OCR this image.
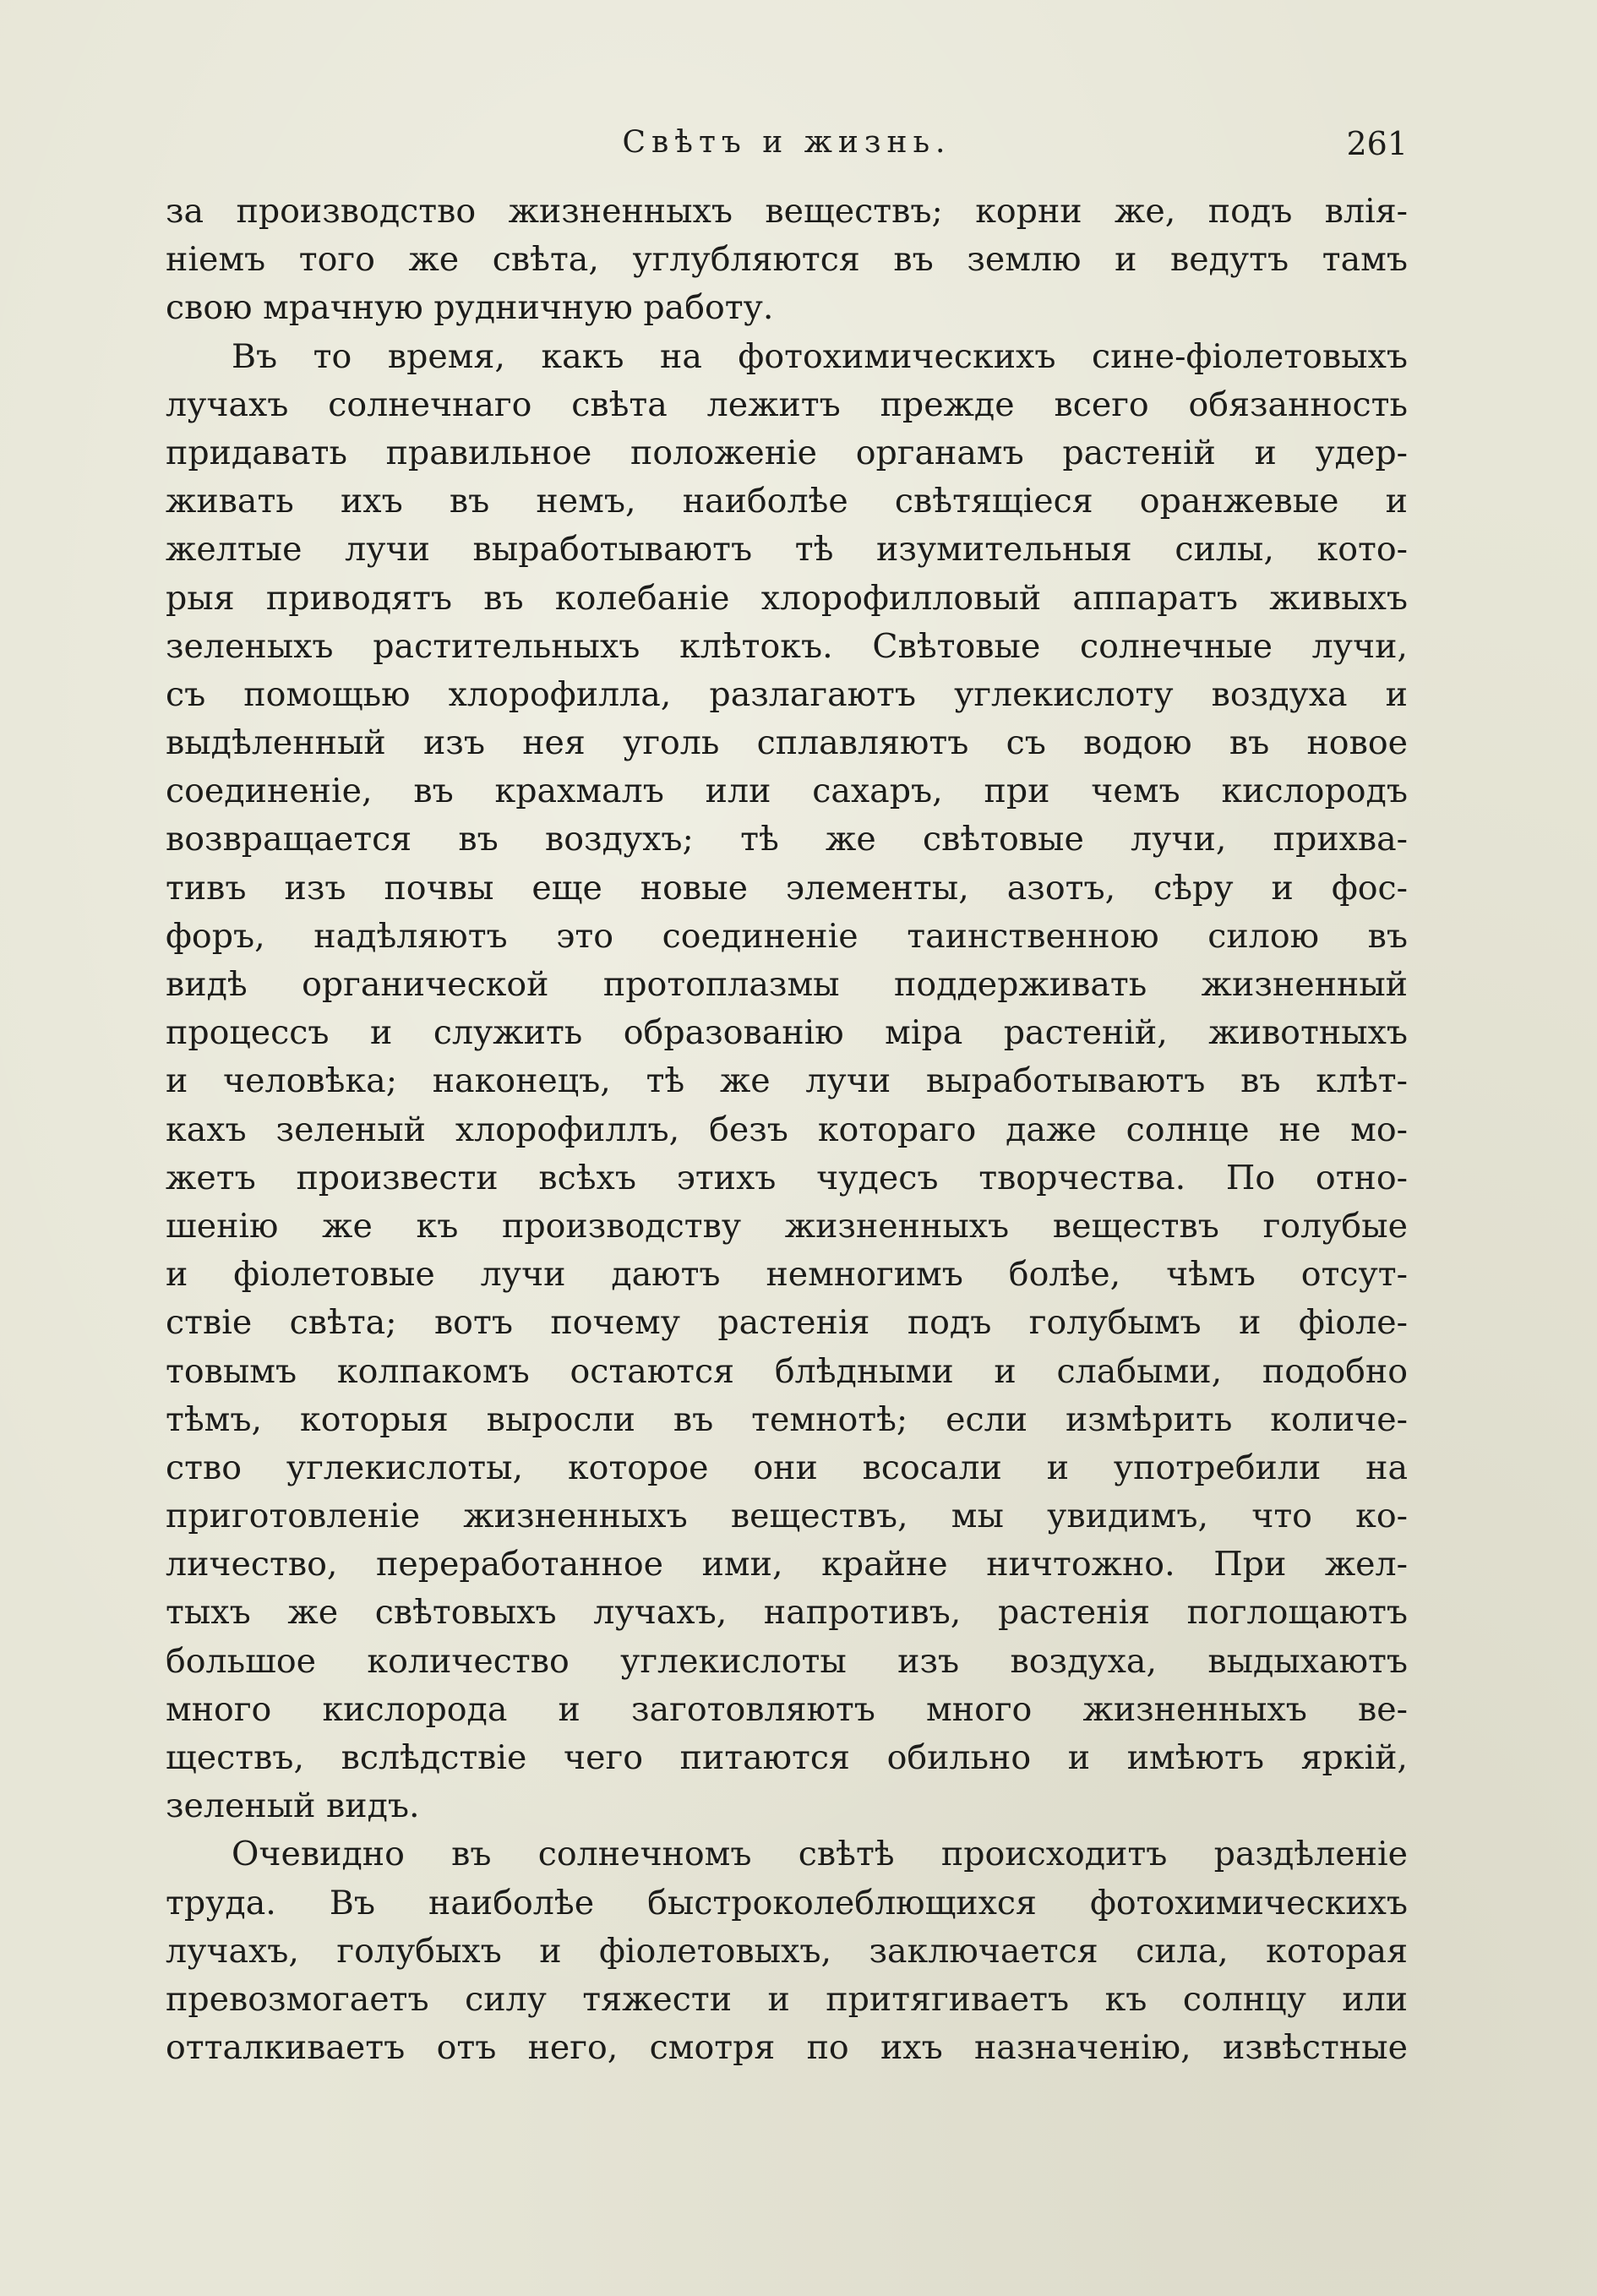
Свѣтъ и жизнь.	261
за производство жизненныхъ веществъ; корни же, подъ влія-
ніемъ того же свѣта, углубляются въ землю и ведутъ тамъ
свою мрачную рудничную работу.
Въ то время, какъ на фотохимическихъ сине-фіолетовыхъ
лучахъ солнечнаго свѣта лежитъ прежде всего обязанность
придавать правильное положеніе органамъ растеній и удер-
живать ихъ въ немъ, наиболѣе свѣтящіеся оранжевые и
желтые лучи выработываютъ тѣ изумительныя силы, кото-
рыя приводятъ въ колебаніе хлорофилловый аппаратъ живыхъ
зеленыхъ растительныхъ клѣтокъ. Свѣтовые солнечные лучи,
съ помощью хлорофилла, разлагаютъ углекислоту воздуха и
выдѣленный изъ нея уголь сплавляютъ съ водою въ новое
соединеніе, въ крахмалъ или сахаръ, при чемъ кислородъ
возвращается въ воздухъ; тѣ же свѣтовые лучи, прихва-
тивъ изъ почвы еще новые элементы, азотъ, сѣру и фос-
форъ, надѣляютъ это соединеніе таинственною силою въ
видѣ органической протоплазмы поддерживать жизненный
процессъ и служить образованію міра растеній, животныхъ
и человѣка; наконецъ, тѣ же лучи выработываютъ въ клѣт-
кахъ зеленый хлорофиллъ, безъ котораго даже солнце не мо-
жетъ произвести всѣхъ этихъ чудесъ творчества. По отно-
шенію же къ производству жизненныхъ веществъ голубые
и фіолетовые лучи даютъ немногимъ болѣе, чѣмъ отсут-
ствіе свѣта; вотъ почему растенія подъ голубымъ и фіоле-
товымъ колпакомъ остаются блѣдными и слабыми, подобно
тѣмъ, которыя выросли въ темнотѣ; если измѣрить количе-
ство углекислоты, которое они всосали и употребили на
приготовленіе жизненныхъ веществъ, мы увидимъ, что ко-
личество, переработанное ими, крайне ничтожно. При жел-
тыхъ же свѣтовыхъ лучахъ, напротивъ, растенія поглощаютъ
большое количество углекислоты изъ воздуха, выдыхаютъ
много кислорода и заготовляютъ много жизненныхъ ве-
ществъ, вслѣдствіе чего питаются обильно и имѣютъ яркій,
зеленый видъ.
Очевидно въ солнечномъ свѣтѣ происходитъ раздѣленіе
труда. Въ наиболѣе быстроколеблющихся фотохимическихъ
лучахъ, голубыхъ и фіолетовыхъ, заключается сила, которая
превозмогаетъ силу тяжести и притягиваетъ къ солнцу или
отталкиваетъ отъ него, смотря по ихъ назначенію, извѣстные
